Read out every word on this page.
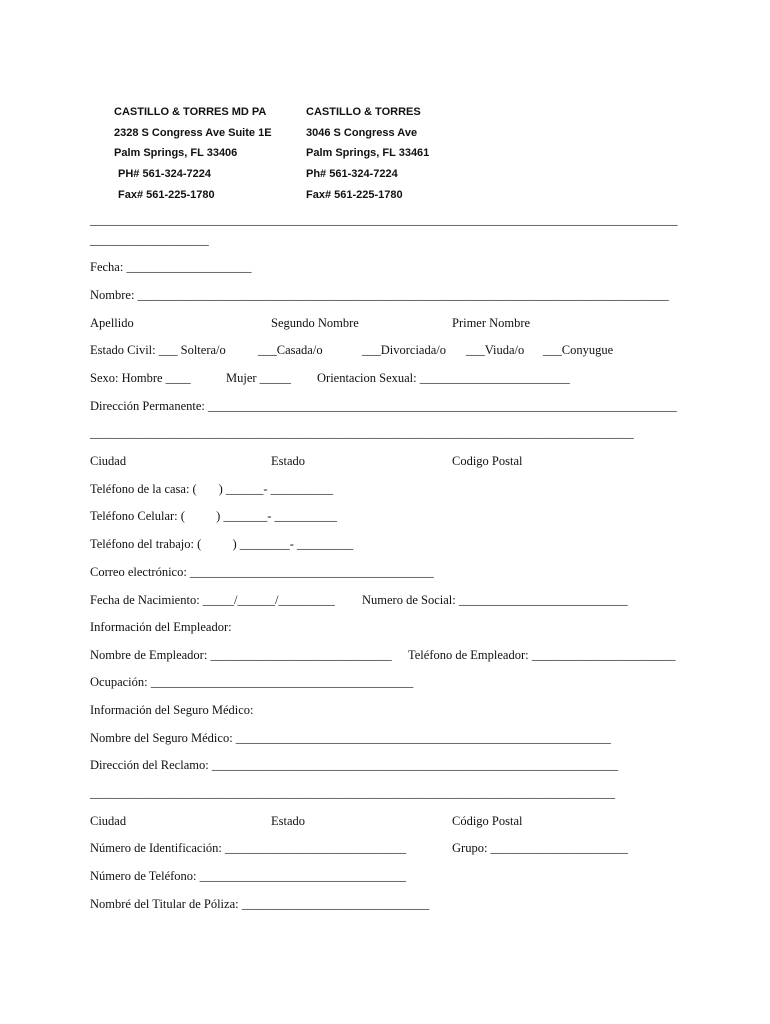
CASTILLO & TORRES MD PA
2328 S Congress Ave Suite 1E
Palm Springs, FL 33406
PH# 561-324-7224
Fax# 561-225-1780
CASTILLO & TORRES
3046 S Congress Ave
Palm Springs, FL 33461
Ph# 561-324-7224
Fax# 561-225-1780
______________________________________________________________________________________________
___________________
Fecha: ____________________
Nombre: _____________________________________________________________________________________
Apellido	Segundo Nombre	Primer Nombre
Estado Civil: ___ Soltera/o	___Casada/o	___Divorciada/o ___Viuda/o ___Conyugue
Sexo: Hombre ____	Mujer _____ Orientacion Sexual: ________________________
Dirección Permanente: ___________________________________________________________________________
_______________________________________________________________________________________
Ciudad	Estado	Codigo Postal
Teléfono de la casa: (       ) ______- __________
Teléfono Celular: (          ) _______- __________
Teléfono del trabajo: (          ) ________- _________
Correo electrónico: _______________________________________
Fecha de Nacimiento: _____/______/_________ Numero de Social: ___________________________
Información del Empleador:
Nombre de Empleador: _____________________________ Teléfono de Empleador: _______________________
Ocupación: __________________________________________
Información del Seguro Médico:
Nombre del Seguro Médico: ____________________________________________________________
Dirección del Reclamo: _________________________________________________________________
____________________________________________________________________________________
Ciudad	Estado	Código Postal
Número de Identificación: _____________________________	Grupo: ______________________
Número de Teléfono: _________________________________
Nombré del Titular de Póliza: ______________________________
